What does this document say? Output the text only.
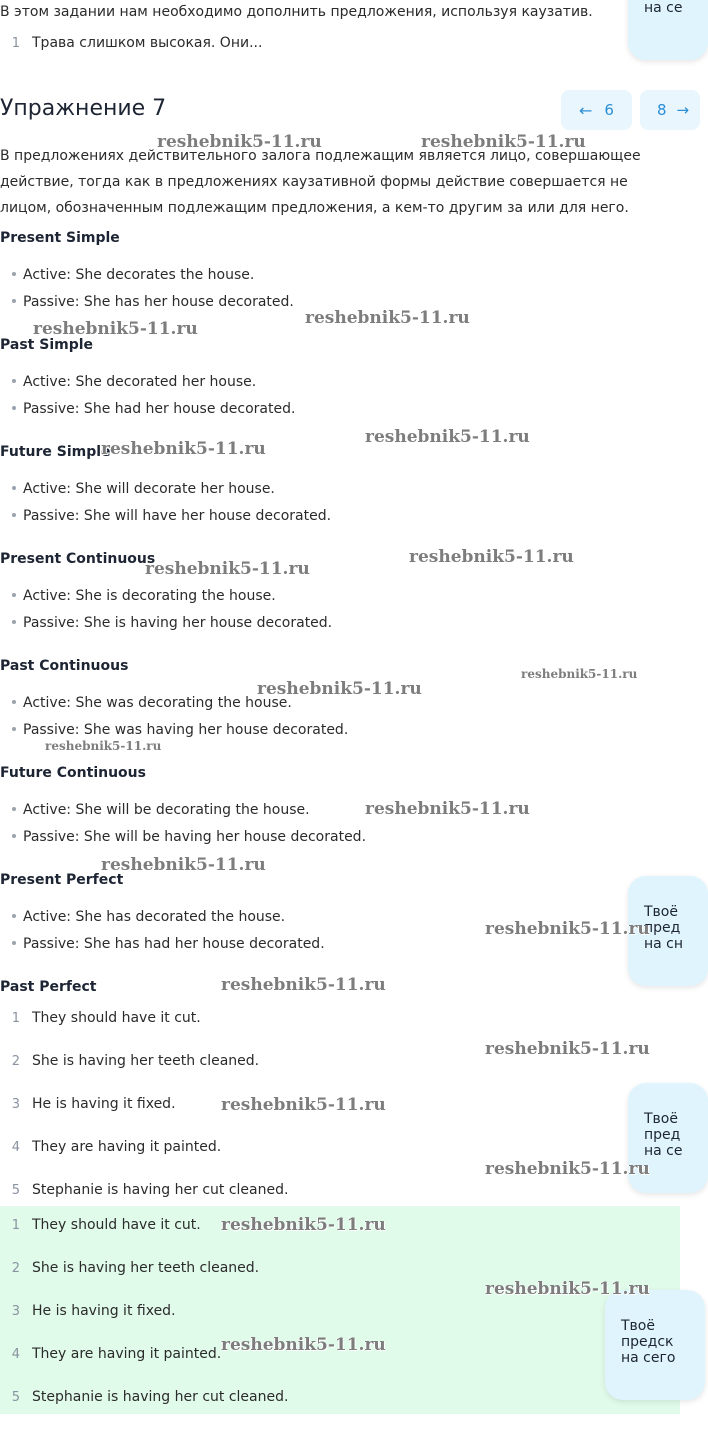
В этом задании нам необходимо дополнить предложения, используя каузатив.
1 Трава слишком высокая. Они...
Упражнение 7	← 6	8 →

В предложениях действительного залога подлежащим является лицо, совершающее действие, тогда как в предложениях каузативной формы действие совершается не лицом, обозначенным подлежащим предложения, а кем-то другим за или для него.

Present Simple
Active: She decorates the house.
Passive: She has her house decorated.
Past Simple
Active: She decorated her house.
Passive: She had her house decorated.
Future Simple
Active: She will decorate her house.
Passive: She will have her house decorated.
Present Continuous
Active: She is decorating the house.
Passive: She is having her house decorated.
Past Continuous
Active: She was decorating the house.
Passive: She was having her house decorated.
Future Continuous
Active: She will be decorating the house.
Passive: She will be having her house decorated.
Present Perfect
Active: She has decorated the house.
Passive: She has had her house decorated.
Past Perfect
1 They should have it cut.
2 She is having her teeth cleaned.
3 He is having it fixed.
4 They are having it painted.
5 Stephanie is having her cut cleaned.
1 They should have it cut.
2 She is having her teeth cleaned.
3 He is having it fixed.
4 They are having it painted.
5 Stephanie is having her cut cleaned.
на се
Твоё
пред
на сн
Твоё
пред
на се
Твоё
предск
на сего
reshebnik5-11.ru	reshebnik5-11.ru
reshebnik5-11.ru
reshebnik5-11.ru
reshebnik5-11.ru
reshebnik5-11.ru
reshebnik5-11.ru
reshebnik5-11.ru
reshebnik5-11.ru
reshebnik5-11.ru
reshebnik5-11.ru
reshebnik5-11.ru
reshebnik5-11.ru
reshebnik5-11.ru
reshebnik5-11.ru
reshebnik5-11.ru
reshebnik5-11.ru
reshebnik5-11.ru
reshebnik5-11.ru
reshebnik5-11.ru
reshebnik5-11.ru
